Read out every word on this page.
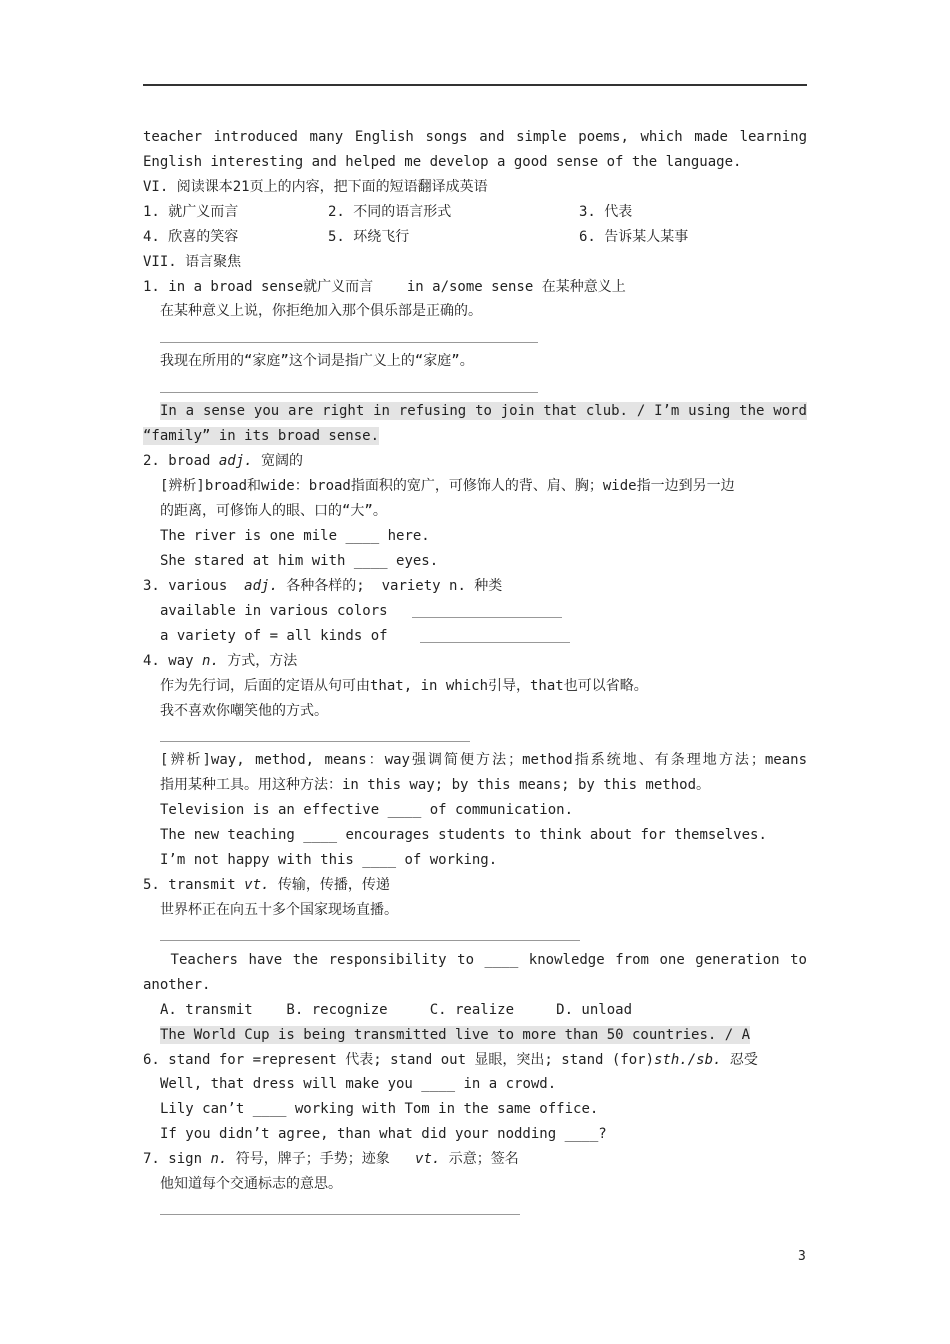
teacher introduced many English songs and simple poems, which made learning
English interesting and helped me develop a good sense of the language.
VI. 阅读课本21页上的内容，把下面的短语翻译成英语
1. 就广义而言	2. 不同的语言形式	3. 代表
4. 欣喜的笑容	5. 环绕飞行	6. 告诉某人某事
VII. 语言聚焦
1. in a broad sense就广义而言    in a/some sense 在某种意义上
在某种意义上说，你拒绝加入那个俱乐部是正确的。
我现在所用的“家庭”这个词是指广义上的“家庭”。
In a sense you are right in refusing to join that club. / I’m using the word
“family” in its broad sense.
2. broad adj. 宽阔的
[辨析]broad和wide：broad指面积的宽广，可修饰人的背、肩、胸；wide指一边到另一边
的距离，可修饰人的眼、口的“大”。
The river is one mile ____ here.
She stared at him with ____ eyes.
3. various  adj. 各种各样的;  variety n. 种类
available in various colors
a variety of = all kinds of
4. way n. 方式，方法
作为先行词，后面的定语从句可由that, in which引导，that也可以省略。
我不喜欢你嘲笑他的方式。
[辨析]way, method, means：way强调简便方法；method指系统地、有条理地方法；means
指用某种工具。用这种方法：in this way; by this means; by this method。
Television is an effective ____ of communication.
The new teaching ____ encourages students to think about for themselves.
I’m not happy with this ____ of working.
5. transmit vt. 传输，传播，传递
世界杯正在向五十多个国家现场直播。
Teachers have the responsibility to ____ knowledge from one generation to
another.
A. transmit    B. recognize     C. realize     D. unload
The World Cup is being transmitted live to more than 50 countries. / A
6. stand for =represent 代表; stand out 显眼，突出; stand (for)sth./sb. 忍受
Well, that dress will make you ____ in a crowd.
Lily can’t ____ working with Tom in the same office.
If you didn’t agree, than what did your nodding ____?
7. sign n. 符号，牌子；手势；迹象   vt. 示意；签名
他知道每个交通标志的意思。
3
